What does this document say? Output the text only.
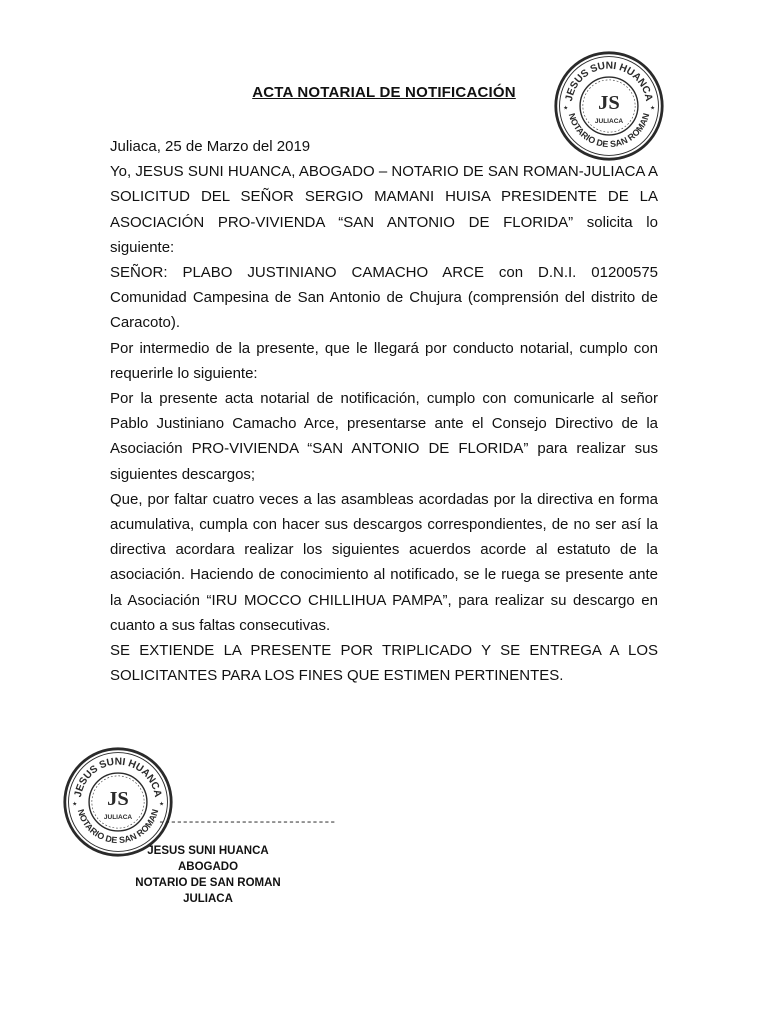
ACTA NOTARIAL DE NOTIFICACIÓN	JESUS SUNI HUANCA
NOTARIO DE SAN ROMAN
JS
JULIACA
★	★

Juliaca, 25 de Marzo del 2019

Yo, JESUS SUNI HUANCA, ABOGADO – NOTARIO DE SAN ROMAN-JULIACA A SOLICITUD DEL SEÑOR SERGIO MAMANI HUISA PRESIDENTE DE LA ASOCIACIÓN PRO-VIVIENDA “SAN ANTONIO DE FLORIDA” solicita lo siguiente:

SEÑOR: PLABO JUSTINIANO CAMACHO ARCE con D.N.I. 01200575 Comunidad Campesina de San Antonio de Chujura (comprensión del distrito de Caracoto).

Por intermedio de la presente, que le llegará por conducto notarial, cumplo con requerirle lo siguiente:

Por la presente acta notarial de notificación, cumplo con comunicarle al señor Pablo Justiniano Camacho Arce, presentarse ante el Consejo Directivo de la Asociación PRO-VIVIENDA “SAN ANTONIO DE FLORIDA” para realizar sus siguientes descargos;

Que, por faltar cuatro veces a las asambleas acordadas por la directiva en forma acumulativa, cumpla con hacer sus descargos correspondientes, de no ser así la directiva acordara realizar los siguientes acuerdos acorde al estatuto de la asociación. Haciendo de conocimiento al notificado, se le ruega se presente ante la Asociación “IRU MOCCO CHILLIHUA PAMPA”, para realizar su descargo en cuanto a sus faltas consecutivas.

SE EXTIENDE LA PRESENTE POR TRIPLICADO Y SE ENTREGA A LOS SOLICITANTES PARA LOS FINES QUE ESTIMEN PERTINENTES.

JESUS SUNI HUANCA
NOTARIO DE SAN ROMAN
JS
JULIACA
★	★
------------------------------
JESUS SUNI HUANCA
ABOGADO
NOTARIO DE SAN ROMAN
JULIACA
